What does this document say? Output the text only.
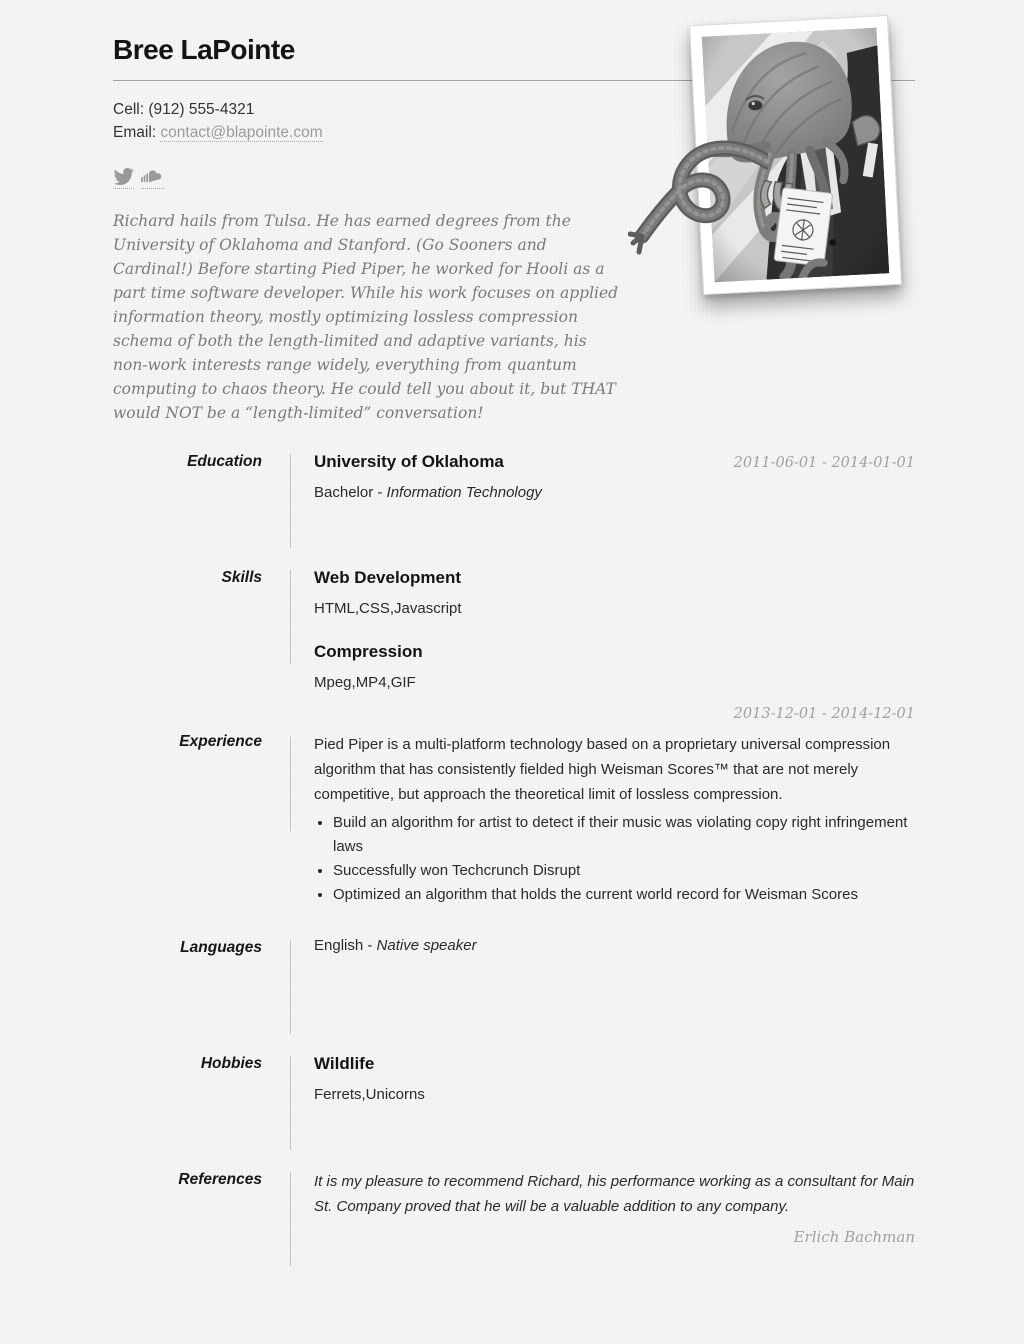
Bree LaPointe
Cell: (912) 555-4321
Email: contact@blapointe.com

Richard hails from Tulsa. He has earned degrees from the University of Oklahoma and Stanford. (Go Sooners and Cardinal!) Before starting Pied Piper, he worked for Hooli as a part time software developer. While his work focuses on applied information theory, mostly optimizing lossless compression schema of both the length-limited and adaptive variants, his non-work interests range widely, everything from quantum computing to chaos theory. He could tell you about it, but THAT would NOT be a “length-limited” conversation!

Education	University of Oklahoma	2011-06-01 - 2014-01-01
Bachelor - Information Technology
Skills	Web Development
HTML,CSS,Javascript
Compression
Mpeg,MP4,GIF
Experience
2013-12-01 - 2014-12-01

Pied Piper is a multi-platform technology based on a proprietary universal compression algorithm that has consistently fielded high Weisman Scores™ that are not merely competitive, but approach the theoretical limit of lossless compression.

• Build an algorithm for artist to detect if their music was violating copy right infringement laws
• Successfully won Techcrunch Disrupt
• Optimized an algorithm that holds the current world record for Weisman Scores
Languages	English - Native speaker
Hobbies	Wildlife
Ferrets,Unicorns
References	It is my pleasure to recommend Richard, his performance working as a consultant for Main St. Company proved that he will be a valuable addition to any company.

Erlich Bachman
